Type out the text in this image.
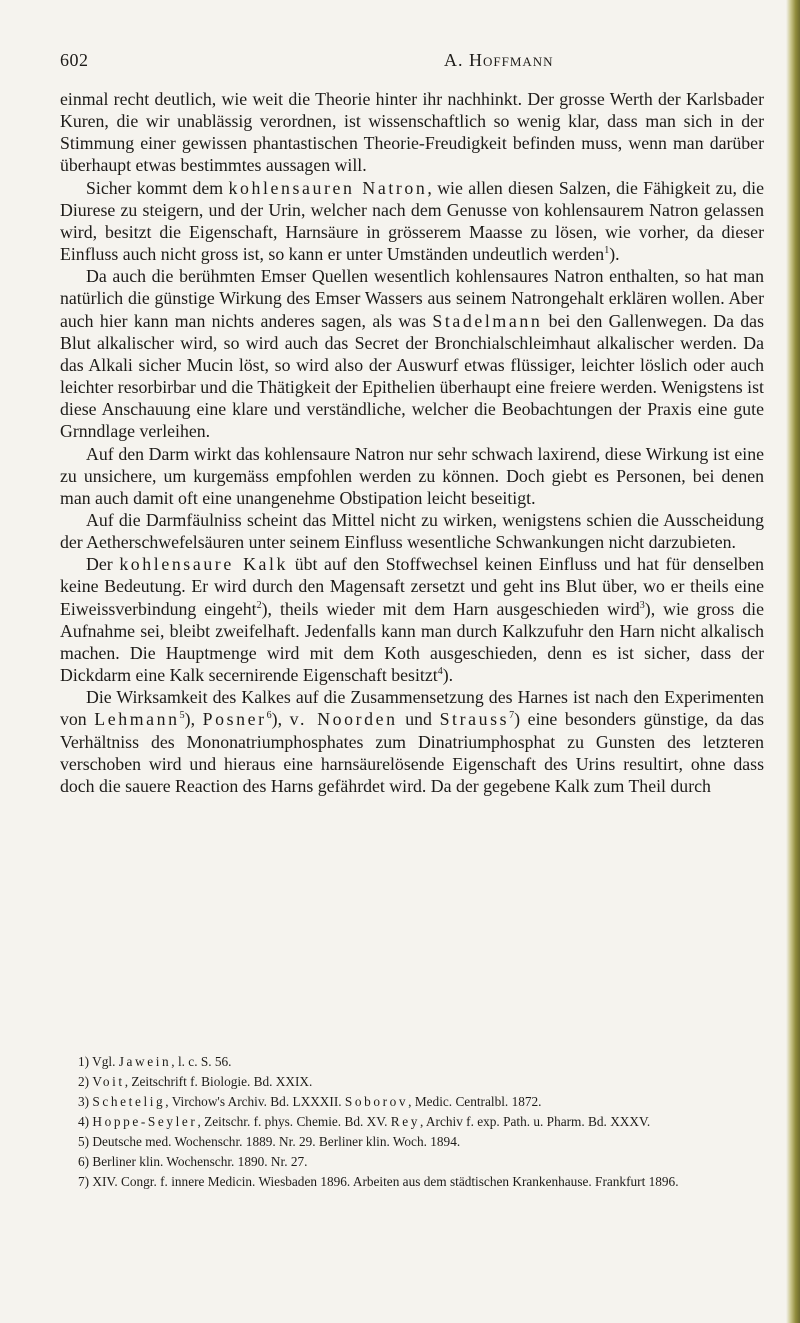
602	A. Hoffmann

einmal recht deutlich, wie weit die Theorie hinter ihr nachhinkt. Der grosse Werth der Karlsbader Kuren, die wir unablässig verordnen, ist wissenschaftlich so wenig klar, dass man sich in der Stimmung einer gewissen phantastischen Theorie-Freudigkeit befinden muss, wenn man darüber überhaupt etwas bestimmtes aussagen will.

Sicher kommt dem kohlensauren Natron, wie allen diesen Salzen, die Fähigkeit zu, die Diurese zu steigern, und der Urin, welcher nach dem Genusse von kohlensaurem Natron gelassen wird, besitzt die Eigenschaft, Harnsäure in grösserem Maasse zu lösen, wie vorher, da dieser Einfluss auch nicht gross ist, so kann er unter Umständen undeutlich werden$^1$).

Da auch die berühmten Emser Quellen wesentlich kohlensaures Natron enthalten, so hat man natürlich die günstige Wirkung des Emser Wassers aus seinem Natrongehalt erklären wollen. Aber auch hier kann man nichts anderes sagen, als was Stadelmann bei den Gallenwegen. Da das Blut alkalischer wird, so wird auch das Secret der Bronchialschleimhaut alkalischer werden. Da das Alkali sicher Mucin löst, so wird also der Auswurf etwas flüssiger, leichter löslich oder auch leichter resorbirbar und die Thätigkeit der Epithelien überhaupt eine freiere werden. Wenigstens ist diese Anschauung eine klare und verständliche, welcher die Beobachtungen der Praxis eine gute Grnndlage verleihen.

Auf den Darm wirkt das kohlensaure Natron nur sehr schwach laxirend, diese Wirkung ist eine zu unsichere, um kurgemäss empfohlen werden zu können. Doch giebt es Personen, bei denen man auch damit oft eine unangenehme Obstipation leicht beseitigt.

Auf die Darmfäulniss scheint das Mittel nicht zu wirken, wenigstens schien die Ausscheidung der Aetherschwefelsäuren unter seinem Einfluss wesentliche Schwankungen nicht darzubieten.

Der kohlensaure Kalk übt auf den Stoffwechsel keinen Einfluss und hat für denselben keine Bedeutung. Er wird durch den Magensaft zersetzt und geht ins Blut über, wo er theils eine Eiweissverbindung eingeht$^2$), theils wieder mit dem Harn ausgeschieden wird$^3$), wie gross die Aufnahme sei, bleibt zweifelhaft. Jedenfalls kann man durch Kalkzufuhr den Harn nicht alkalisch machen. Die Hauptmenge wird mit dem Koth ausgeschieden, denn es ist sicher, dass der Dickdarm eine Kalk secernirende Eigenschaft besitzt$^4$).

Die Wirksamkeit des Kalkes auf die Zusammensetzung des Harnes ist nach den Experimenten von Lehmann$^5$), Posner$^6$), v. Noorden und Strauss$^7$) eine besonders günstige, da das Verhältniss des Mononatriumphosphates zum Dinatriumphosphat zu Gunsten des letzteren verschoben wird und hieraus eine harnsäurelösende Eigenschaft des Urins resultirt, ohne dass doch die sauere Reaction des Harns gefährdet wird. Da der gegebene Kalk zum Theil durch

1) Vgl. Jawein, l. c. S. 56.

2) Voit, Zeitschrift f. Biologie. Bd. XXIX.

3) Schetelig, Virchow's Archiv. Bd. LXXXII. Soborov, Medic. Centralbl. 1872.

4) Hoppe-Seyler, Zeitschr. f. phys. Chemie. Bd. XV. Rey, Archiv f. exp. Path. u. Pharm. Bd. XXXV.

5) Deutsche med. Wochenschr. 1889. Nr. 29. Berliner klin. Woch. 1894.

6) Berliner klin. Wochenschr. 1890. Nr. 27.

7) XIV. Congr. f. innere Medicin. Wiesbaden 1896. Arbeiten aus dem städtischen Krankenhause. Frankfurt 1896.
